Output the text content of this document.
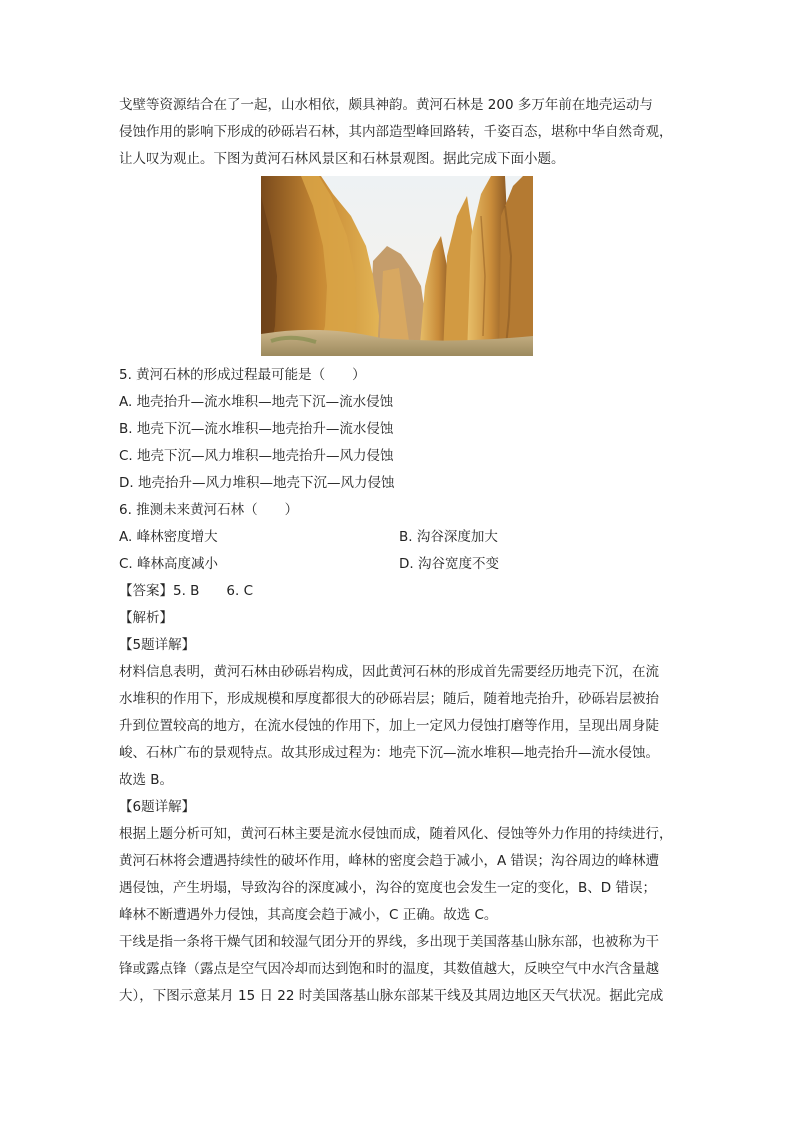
戈壁等资源结合在了一起，山水相依，颇具神韵。黄河石林是 200 多万年前在地壳运动与
侵蚀作用的影响下形成的砂砾岩石林，其内部造型峰回路转，千姿百态，堪称中华自然奇观，
让人叹为观止。下图为黄河石林风景区和石林景观图。据此完成下面小题。
5. 黄河石林的形成过程最可能是（　　）
A. 地壳抬升—流水堆积—地壳下沉—流水侵蚀
B. 地壳下沉—流水堆积—地壳抬升—流水侵蚀
C. 地壳下沉—风力堆积—地壳抬升—风力侵蚀
D. 地壳抬升—风力堆积—地壳下沉—风力侵蚀
6. 推测未来黄河石林（　　）
A. 峰林密度增大	B. 沟谷深度加大
C. 峰林高度减小	D. 沟谷宽度不变
【答案】5. B　　6. C
【解析】
【5题详解】
材料信息表明，黄河石林由砂砾岩构成，因此黄河石林的形成首先需要经历地壳下沉，在流
水堆积的作用下，形成规模和厚度都很大的砂砾岩层；随后，随着地壳抬升，砂砾岩层被抬
升到位置较高的地方，在流水侵蚀的作用下，加上一定风力侵蚀打磨等作用，呈现出周身陡
峻、石林广布的景观特点。故其形成过程为：地壳下沉—流水堆积—地壳抬升—流水侵蚀。
故选 B。
【6题详解】
根据上题分析可知，黄河石林主要是流水侵蚀而成，随着风化、侵蚀等外力作用的持续进行，
黄河石林将会遭遇持续性的破坏作用，峰林的密度会趋于减小，A 错误；沟谷周边的峰林遭
遇侵蚀，产生坍塌，导致沟谷的深度减小，沟谷的宽度也会发生一定的变化，B、D 错误；
峰林不断遭遇外力侵蚀，其高度会趋于减小，C 正确。故选 C。
干线是指一条将干燥气团和较湿气团分开的界线，多出现于美国落基山脉东部，也被称为干
锋或露点锋（露点是空气因冷却而达到饱和时的温度，其数值越大，反映空气中水汽含量越
大），下图示意某月 15 日 22 时美国落基山脉东部某干线及其周边地区天气状况。据此完成
